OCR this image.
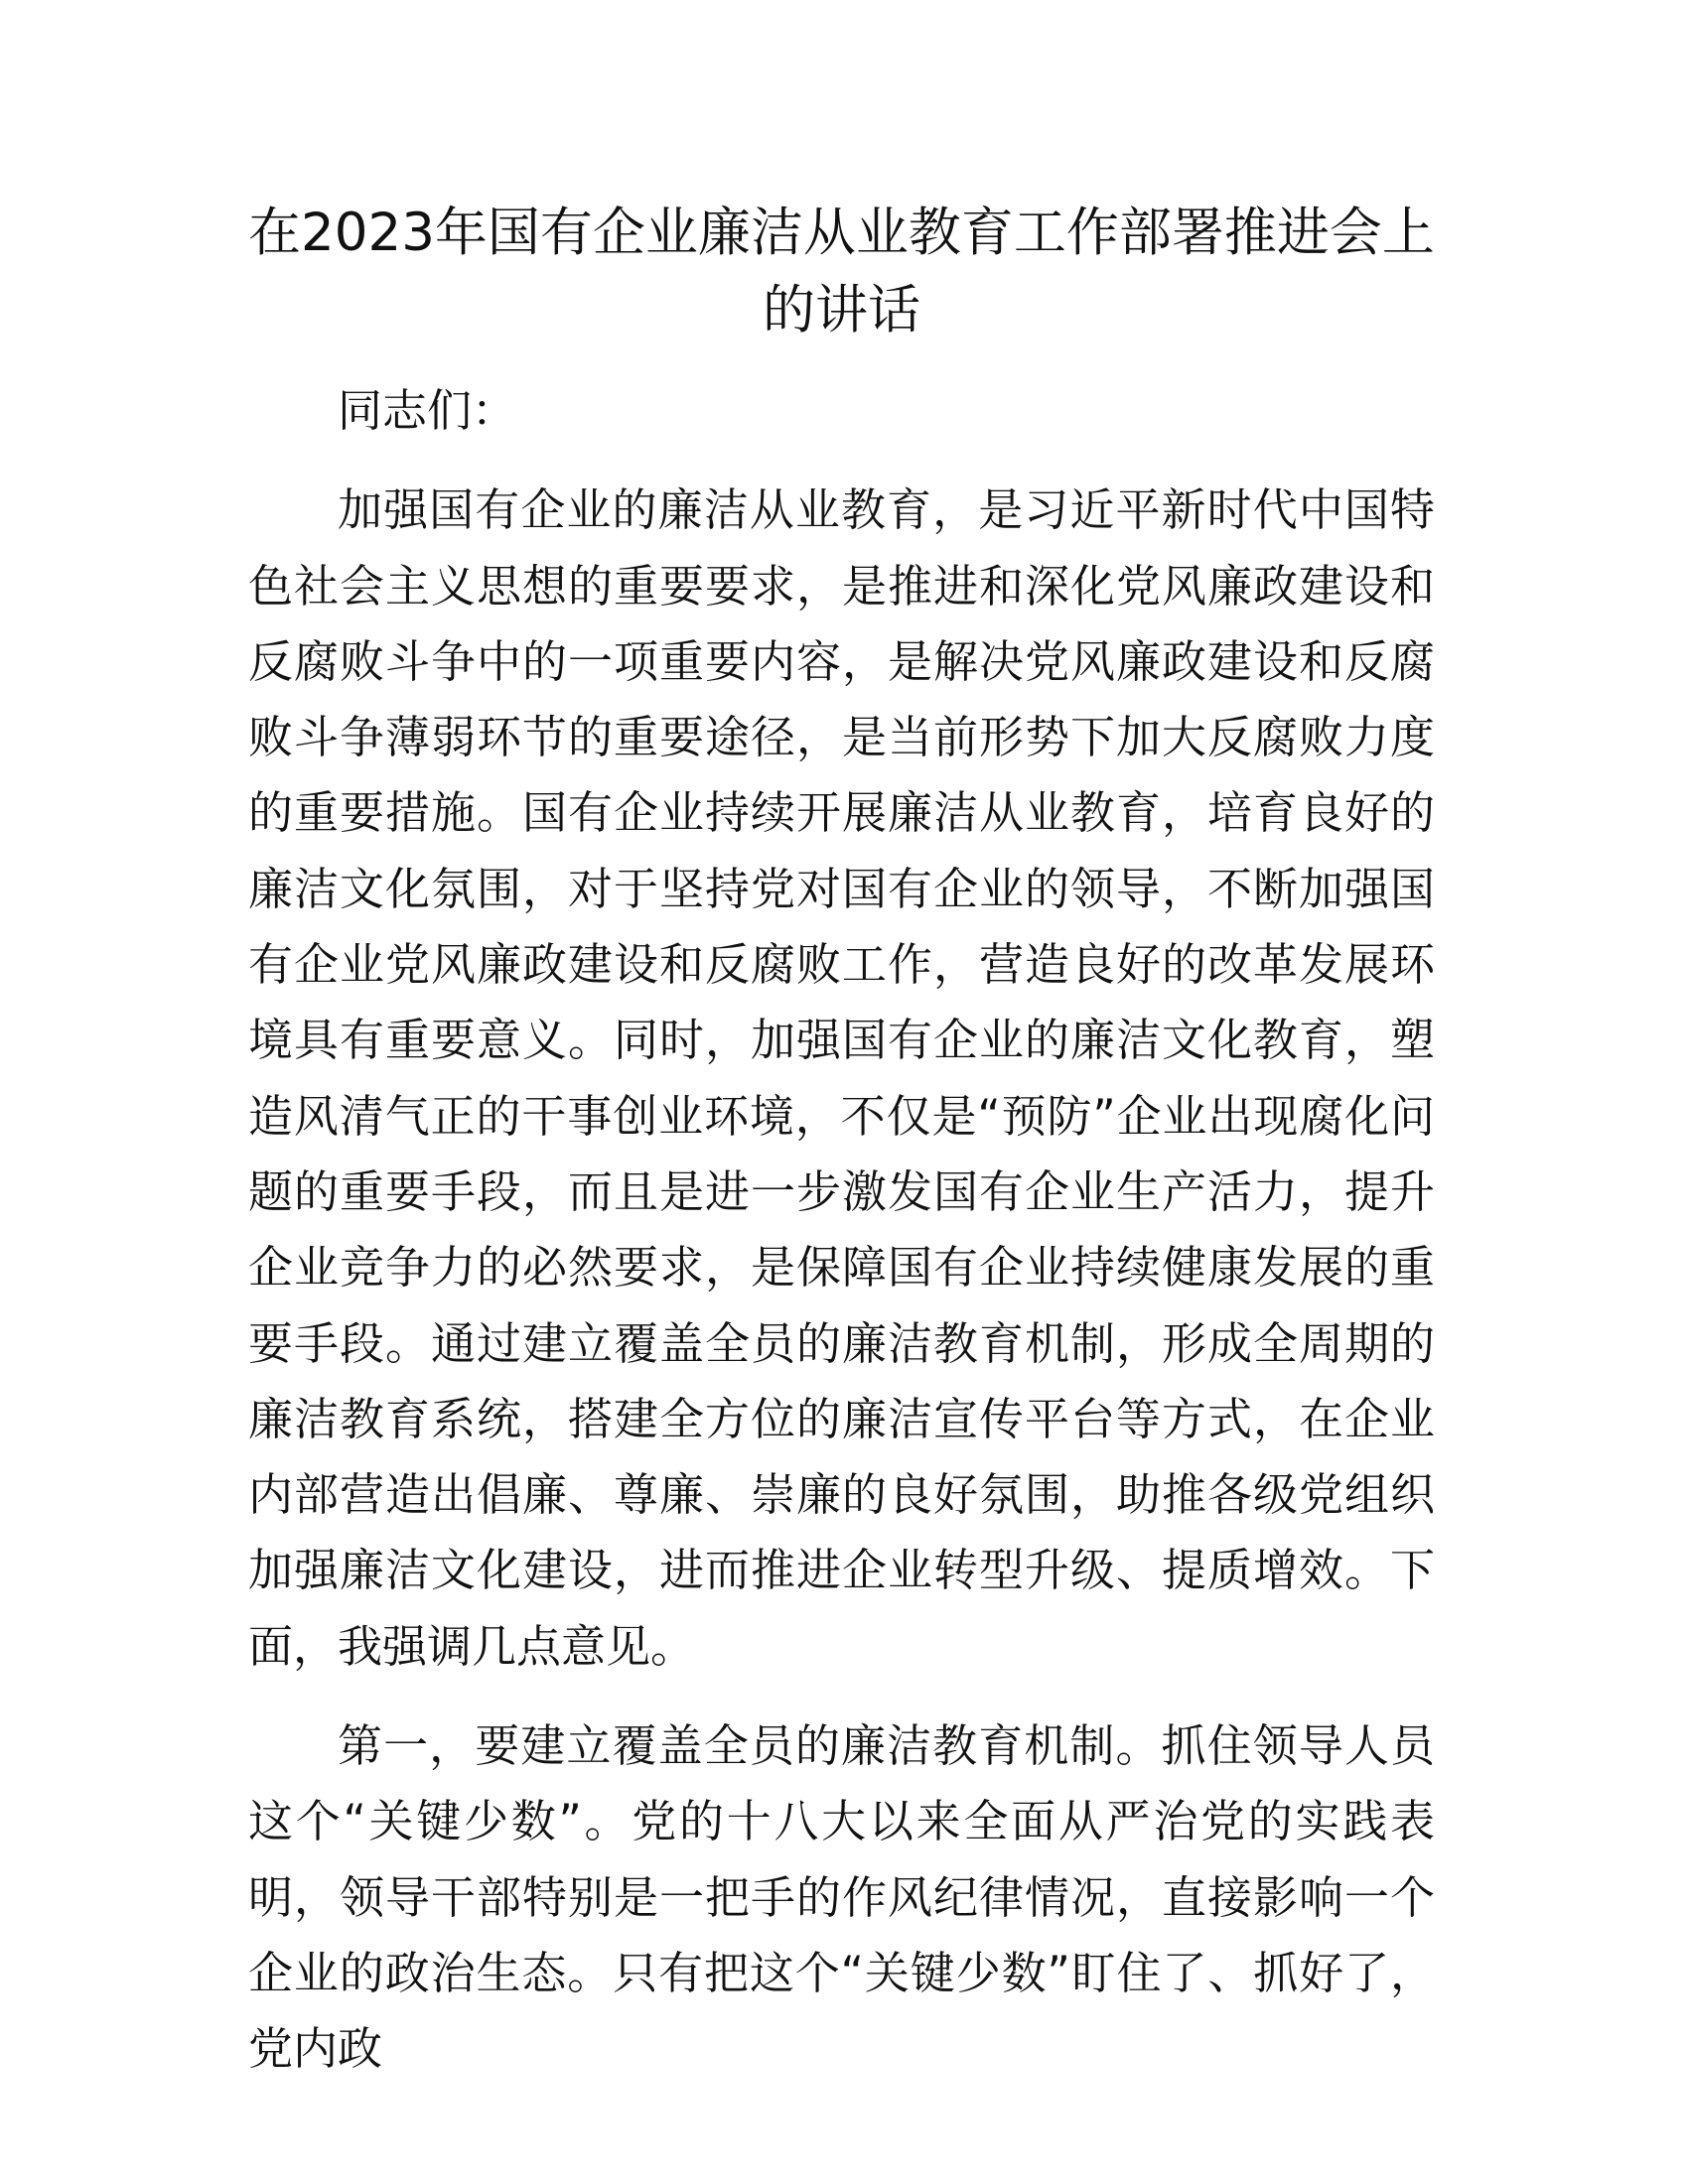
在2023年国有企业廉洁从业教育工作部署推进会上的讲话

同志们：

加强国有企业的廉洁从业教育，是习近平新时代中国特色社会主义思想的重要要求，是推进和深化党风廉政建设和反腐败斗争中的一项重要内容，是解决党风廉政建设和反腐败斗争薄弱环节的重要途径，是当前形势下加大反腐败力度的重要措施。国有企业持续开展廉洁从业教育，培育良好的廉洁文化氛围，对于坚持党对国有企业的领导，不断加强国有企业党风廉政建设和反腐败工作，营造良好的改革发展环境具有重要意义。同时，加强国有企业的廉洁文化教育，塑造风清气正的干事创业环境，不仅是“预防”企业出现腐化问题的重要手段，而且是进一步激发国有企业生产活力，提升企业竞争力的必然要求，是保障国有企业持续健康发展的重要手段。通过建立覆盖全员的廉洁教育机制，形成全周期的廉洁教育系统，搭建全方位的廉洁宣传平台等方式，在企业内部营造出倡廉、尊廉、崇廉的良好氛围，助推各级党组织加强廉洁文化建设，进而推进企业转型升级、提质增效。下面，我强调几点意见。

第一，要建立覆盖全员的廉洁教育机制。抓住领导人员这个“关键少数”。党的十八大以来全面从严治党的实践表明，领导干部特别是一把手的作风纪律情况，直接影响一个企业的政治生态。只有把这个“关键少数”盯住了、抓好了，党内政
